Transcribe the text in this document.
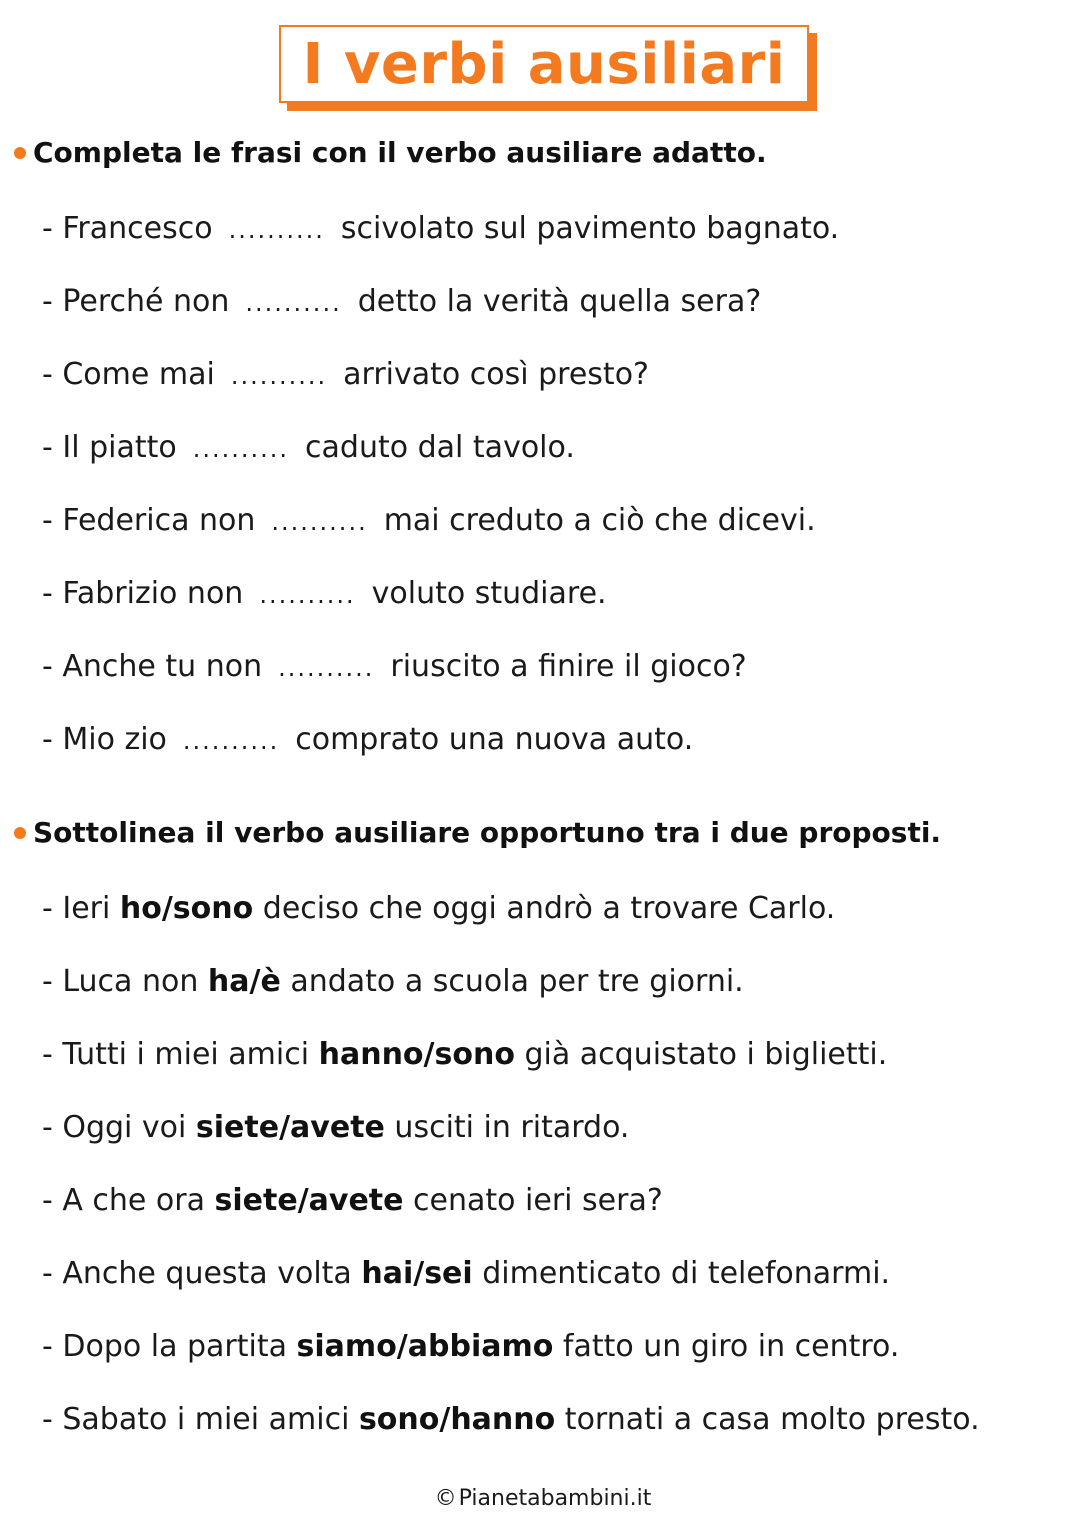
I verbi ausiliari
Completa le frasi con il verbo ausiliare adatto.
- Francesco .......... scivolato sul pavimento bagnato.
- Perché non .......... detto la verità quella sera?
- Come mai .......... arrivato così presto?
- Il piatto .......... caduto dal tavolo.
- Federica non .......... mai creduto a ciò che dicevi.
- Fabrizio non .......... voluto studiare.
- Anche tu non .......... riuscito a finire il gioco?
- Mio zio .......... comprato una nuova auto.
Sottolinea il verbo ausiliare opportuno tra i due proposti.
- Ieri ho/sono deciso che oggi andrò a trovare Carlo.
- Luca non ha/è andato a scuola per tre giorni.
- Tutti i miei amici hanno/sono già acquistato i biglietti.
- Oggi voi siete/avete usciti in ritardo.
- A che ora siete/avete cenato ieri sera?
- Anche questa volta hai/sei dimenticato di telefonarmi.
- Dopo la partita siamo/abbiamo fatto un giro in centro.
- Sabato i miei amici sono/hanno tornati a casa molto presto.
©Pianetabambini.it
